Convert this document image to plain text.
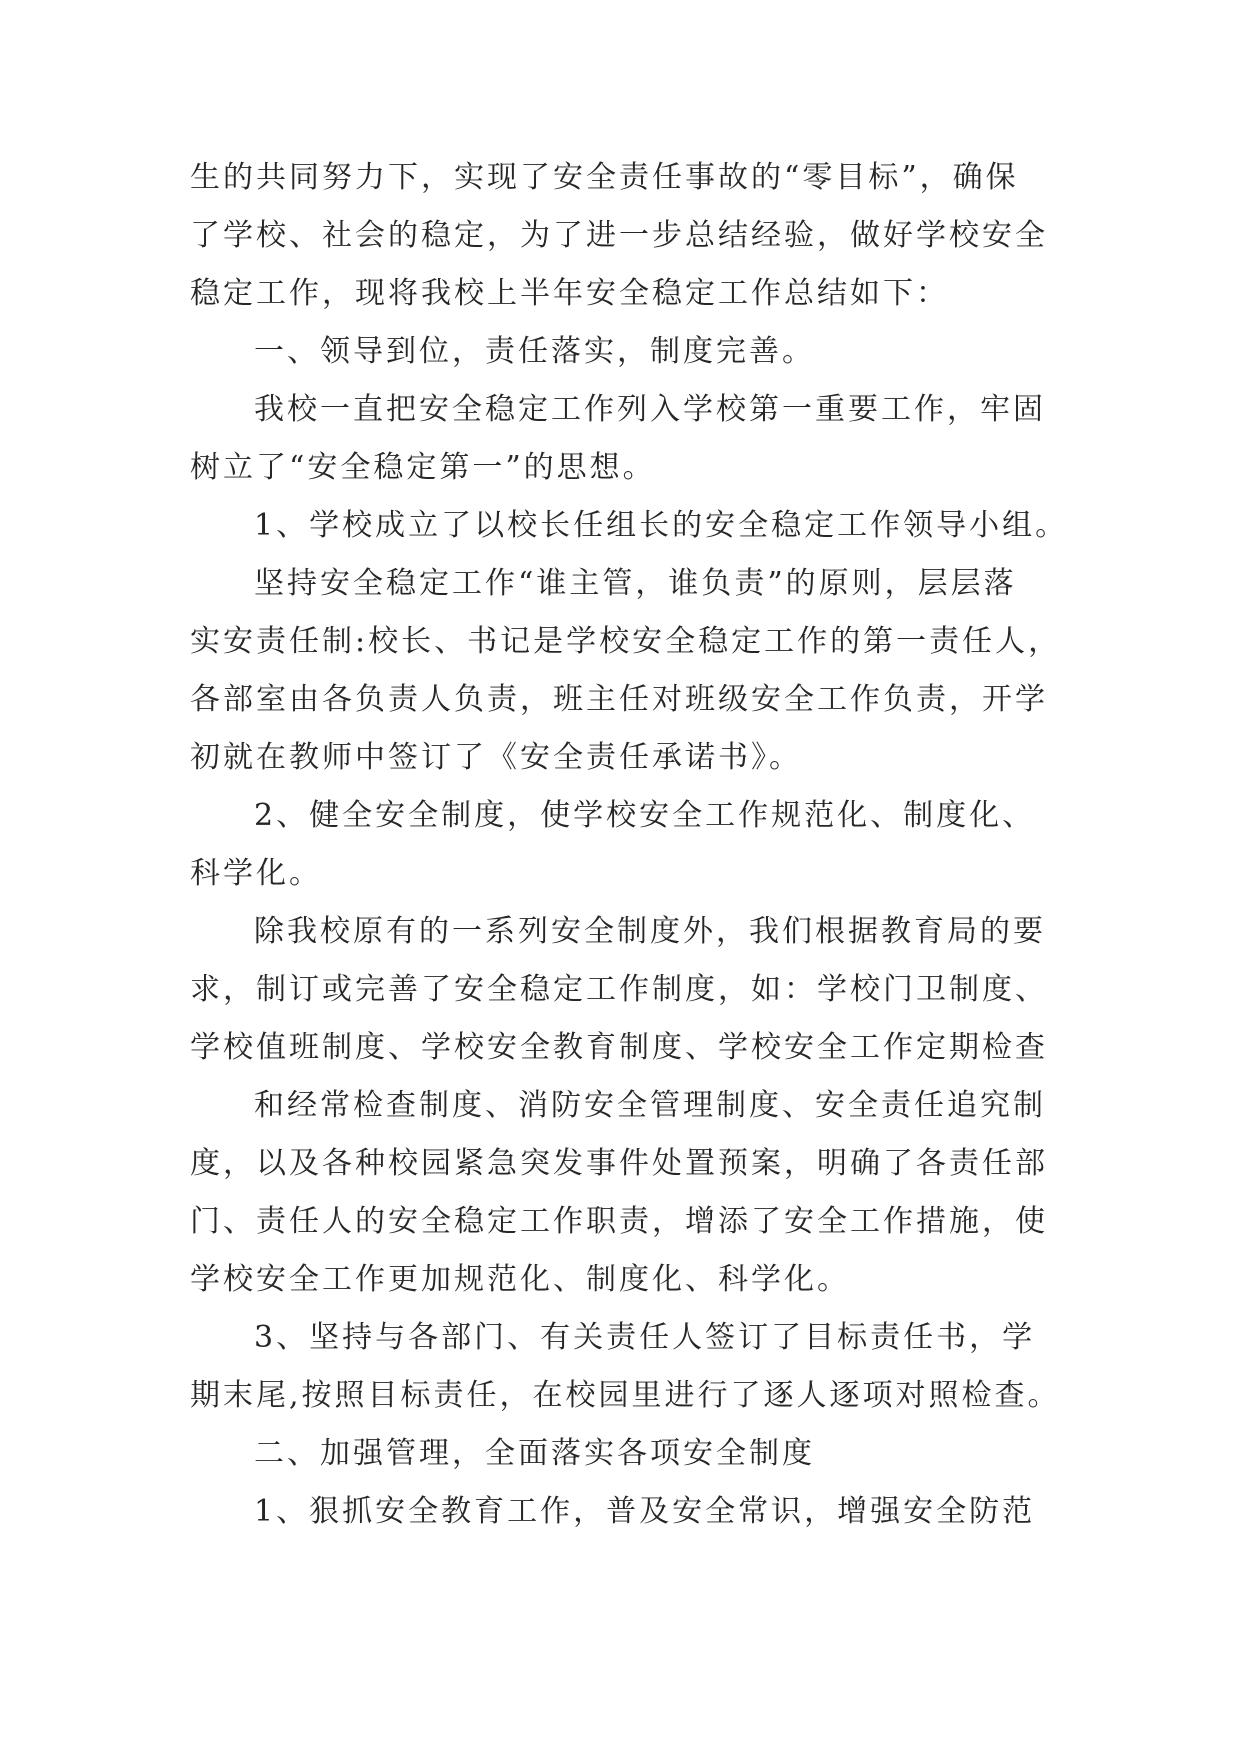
生的共同努力下，实现了安全责任事故的“零目标”，确保

了学校、社会的稳定，为了进一步总结经验，做好学校安全

稳定工作，现将我校上半年安全稳定工作总结如下：

一、领导到位，责任落实，制度完善。

我校一直把安全稳定工作列入学校第一重要工作，牢固

树立了“安全稳定第一”的思想。

1、学校成立了以校长任组长的安全稳定工作领导小组。

坚持安全稳定工作“谁主管，谁负责”的原则，层层落

实安责任制:校长、书记是学校安全稳定工作的第一责任人，

各部室由各负责人负责，班主任对班级安全工作负责，开学

初就在教师中签订了《安全责任承诺书》。

2、健全安全制度，使学校安全工作规范化、制度化、

科学化。

除我校原有的一系列安全制度外，我们根据教育局的要

求，制订或完善了安全稳定工作制度，如：学校门卫制度、

学校值班制度、学校安全教育制度、学校安全工作定期检查

和经常检查制度、消防安全管理制度、安全责任追究制

度，以及各种校园紧急突发事件处置预案，明确了各责任部

门、责任人的安全稳定工作职责，增添了安全工作措施，使

学校安全工作更加规范化、制度化、科学化。

3、坚持与各部门、有关责任人签订了目标责任书，学

期末尾,按照目标责任，在校园里进行了逐人逐项对照检查。

二、加强管理，全面落实各项安全制度

1、狠抓安全教育工作，普及安全常识，增强安全防范
